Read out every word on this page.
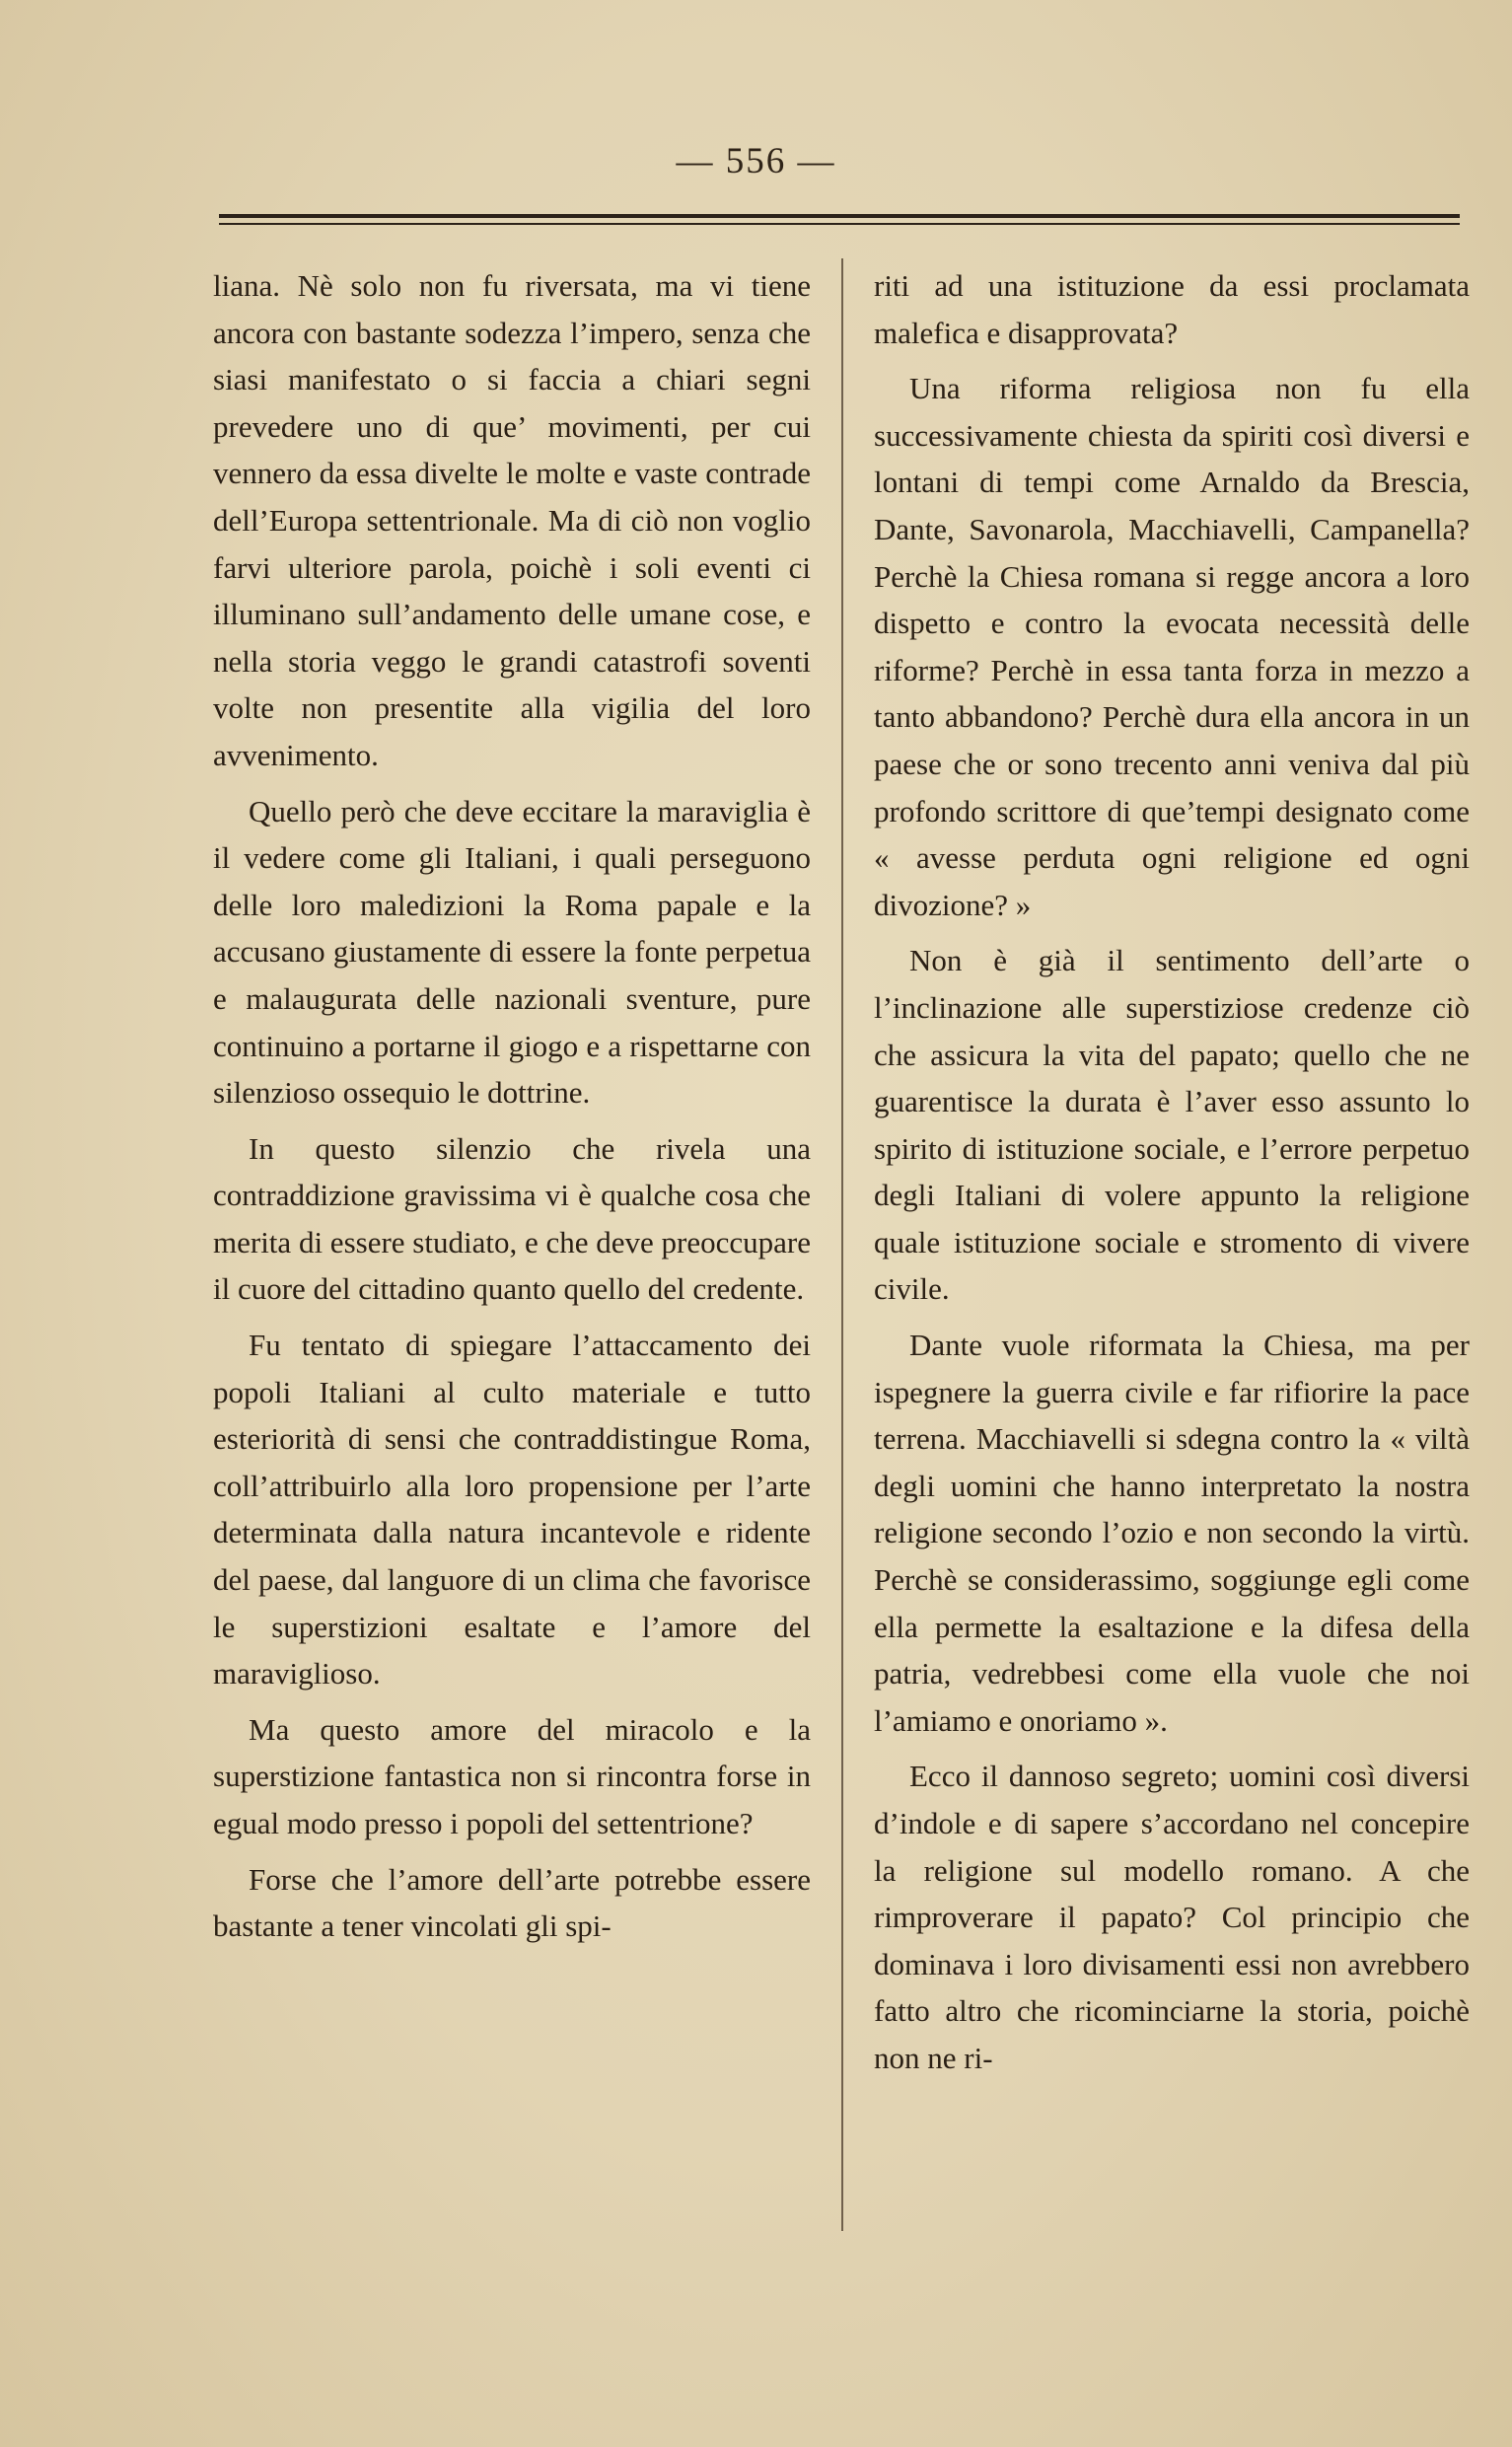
— 556 —

liana. Nè solo non fu riversata, ma vi tiene ancora con bastante sodezza l’impero, senza che siasi manifestato o si faccia a chiari segni prevedere uno di que’ movimenti, per cui vennero da essa divelte le molte e vaste contrade dell’Europa settentrionale. Ma di ciò non voglio farvi ulteriore parola, poichè i soli eventi ci illuminano sull’andamento delle umane cose, e nella storia veggo le grandi catastrofi soventi volte non presentite alla vigilia del loro avvenimento.

Quello però che deve eccitare la maraviglia è il vedere come gli Italiani, i quali perseguono delle loro maledizioni la Roma papale e la accusano giustamente di essere la fonte perpetua e malaugurata delle nazionali sventure, pure continuino a portarne il giogo e a rispettarne con silenzioso ossequio le dottrine.

In questo silenzio che rivela una contraddizione gravissima vi è qualche cosa che merita di essere studiato, e che deve preoccupare il cuore del cittadino quanto quello del credente.

Fu tentato di spiegare l’attaccamento dei popoli Italiani al culto materiale e tutto esteriorità di sensi che contraddistingue Roma, coll’attribuirlo alla loro propensione per l’arte determinata dalla natura incantevole e ridente del paese, dal languore di un clima che favorisce le superstizioni esaltate e l’amore del maraviglioso.

Ma questo amore del miracolo e la superstizione fantastica non si rincontra forse in egual modo presso i popoli del settentrione?

Forse che l’amore dell’arte potrebbe essere bastante a tener vincolati gli spi-

riti ad una istituzione da essi proclamata malefica e disapprovata?

Una riforma religiosa non fu ella successivamente chiesta da spiriti così diversi e lontani di tempi come Arnaldo da Brescia, Dante, Savonarola, Macchiavelli, Campanella? Perchè la Chiesa romana si regge ancora a loro dispetto e contro la evocata necessità delle riforme? Perchè in essa tanta forza in mezzo a tanto abbandono? Perchè dura ella ancora in un paese che or sono trecento anni veniva dal più profondo scrittore di que’tempi designato come « avesse perduta ogni religione ed ogni divozione? »

Non è già il sentimento dell’arte o l’inclinazione alle superstiziose credenze ciò che assicura la vita del papato; quello che ne guarentisce la durata è l’aver esso assunto lo spirito di istituzione sociale, e l’errore perpetuo degli Italiani di volere appunto la religione quale istituzione sociale e stromento di vivere civile.

Dante vuole riformata la Chiesa, ma per ispegnere la guerra civile e far rifiorire la pace terrena. Macchiavelli si sdegna contro la « viltà degli uomini che hanno interpretato la nostra religione secondo l’ozio e non secondo la virtù. Perchè se considerassimo, soggiunge egli come ella permette la esaltazione e la difesa della patria, vedrebbesi come ella vuole che noi l’amiamo e onoriamo ».

Ecco il dannoso segreto; uomini così diversi d’indole e di sapere s’accordano nel concepire la religione sul modello romano. A che rimproverare il papato? Col principio che dominava i loro divisamenti essi non avrebbero fatto altro che ricominciarne la storia, poichè non ne ri-
